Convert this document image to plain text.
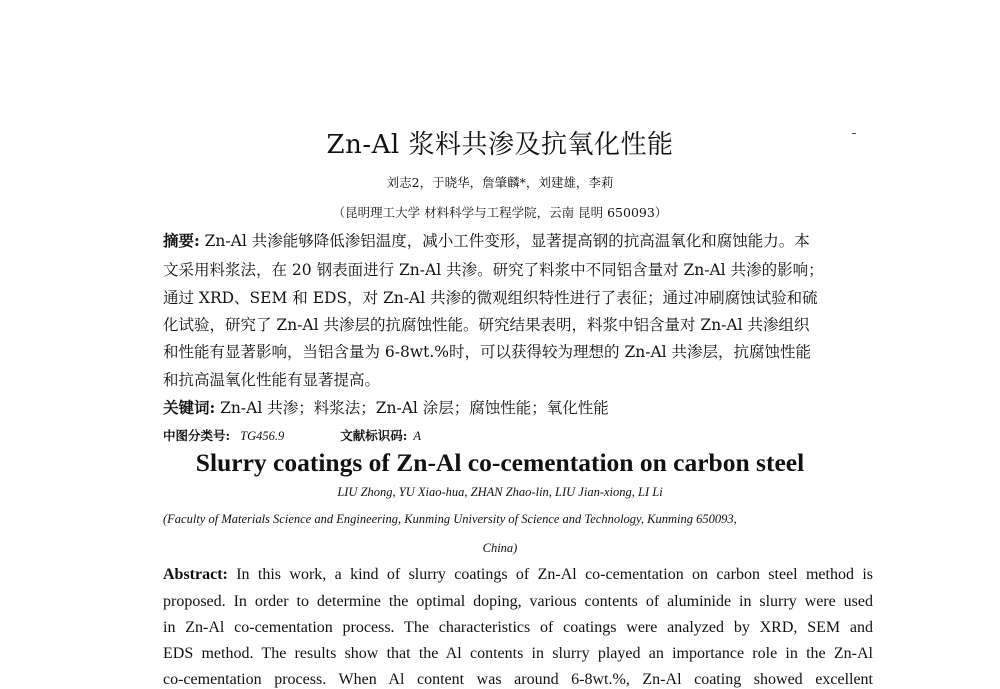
Zn-Al 浆料共渗及抗氧化性能
刘志2，于晓华，詹肇麟*，刘建雄，李莉
（昆明理工大学 材料科学与工程学院，云南 昆明 650093）
摘要: Zn-Al 共渗能够降低渗铝温度，减小工件变形，显著提高钢的抗高温氧化和腐蚀能力。本
文采用料浆法，在 20 钢表面进行 Zn-Al 共渗。研究了料浆中不同铝含量对 Zn-Al 共渗的影响；
通过 XRD、SEM 和 EDS，对 Zn-Al 共渗的微观组织特性进行了表征；通过冲刷腐蚀试验和硫
化试验，研究了 Zn-Al 共渗层的抗腐蚀性能。研究结果表明，料浆中铝含量对 Zn-Al 共渗组织
和性能有显著影响，当铝含量为 6-8wt.%时，可以获得较为理想的 Zn-Al 共渗层，抗腐蚀性能
和抗高温氧化性能有显著提高。
关键词: Zn-Al 共渗；料浆法；Zn-Al 涂层；腐蚀性能；氧化性能
中图分类号: TG456.9	文献标识码: A
Slurry coatings of Zn-Al co-cementation on carbon steel
LIU Zhong, YU Xiao-hua, ZHAN Zhao-lin, LIU Jian-xiong, LI Li
(Faculty of Materials Science and Engineering, Kunming University of Science and Technology, Kunming 650093,
China)
Abstract: In this work, a kind of slurry coatings of Zn-Al co-cementation on carbon steel method is
proposed. In order to determine the optimal doping, various contents of aluminide in slurry were used
in Zn-Al co-cementation process. The characteristics of coatings were analyzed by XRD, SEM and
EDS method. The results show that the Al contents in slurry played an importance role in the Zn-Al
co-cementation process. When Al content was around 6-8wt.%, Zn-Al coating showed excellent
